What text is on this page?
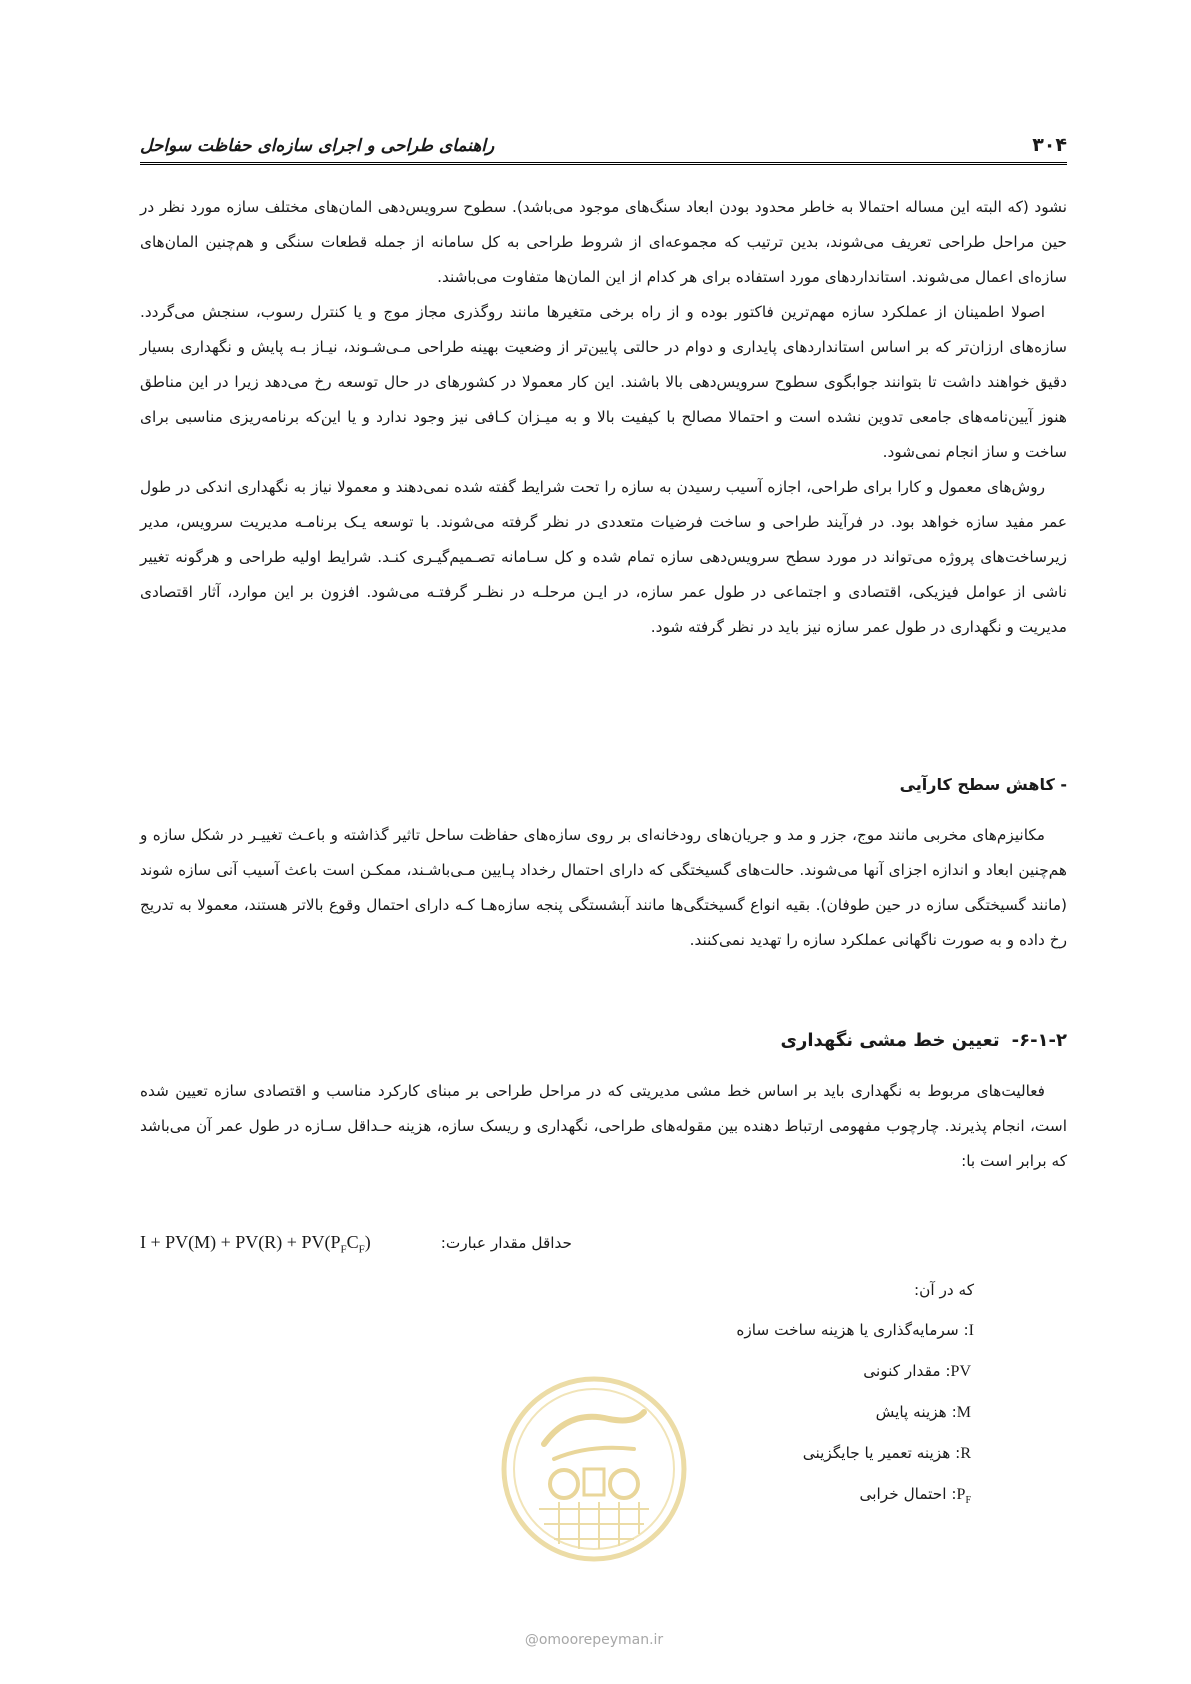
۳۰۴
راهنمای طراحی و اجرای سازه‌ای حفاظت سواحل

نشود (که البته این مساله احتمالا به خاطر محدود بودن ابعاد سنگ‌های موجود می‌باشد). سطوح سرویس‌دهی المان‌های مختلف سازه مورد نظر در حین مراحل طراحی تعریف می‌شوند، بدین ترتیب که مجموعه‌ای از شروط طراحی به کل سامانه از جمله قطعات سنگی و هم‌چنین المان‌های سازه‌ای اعمال می‌شوند. استانداردهای مورد استفاده برای هر کدام از این المان‌ها متفاوت می‌باشند.

اصولا اطمینان از عملکرد سازه مهم‌ترین فاکتور بوده و از راه برخی متغیرها مانند روگذری مجاز موج و یا کنترل رسوب، سنجش می‌گردد. سازه‌های ارزان‌تر که بر اساس استانداردهای پایداری و دوام در حالتی پایین‌تر از وضعیت بهینه طراحی مـی‌شـوند، نیـاز بـه پایش و نگهداری بسیار دقیق خواهند داشت تا بتوانند جوابگوی سطوح سرویس‌دهی بالا باشند. این کار معمولا در کشورهای در حال توسعه رخ می‌دهد زیرا در این مناطق هنوز آیین‌نامه‌های جامعی تدوین نشده است و احتمالا مصالح با کیفیت بالا و به میـزان کـافی نیز وجود ندارد و یا این‌که برنامه‌ریزی مناسبی برای ساخت و ساز انجام نمی‌شود.

روش‌های معمول و کارا برای طراحی، اجازه آسیب رسیدن به سازه را تحت شرایط گفته شده نمی‌دهند و معمولا نیاز به نگهداری اندکی در طول عمر مفید سازه خواهد بود. در فرآیند طراحی و ساخت فرضیات متعددی در نظر گرفته می‌شوند. با توسعه یـک برنامـه مدیریت سرویس، مدیر زیرساخت‌های پروژه می‌تواند در مورد سطح سرویس‌دهی سازه تمام شده و کل سـامانه تصـمیم‌گیـری کنـد. شرایط اولیه طراحی و هرگونه تغییر ناشی از عوامل فیزیکی، اقتصادی و اجتماعی در طول عمر سازه، در ایـن مرحلـه در نظـر گرفتـه می‌شود. افزون بر این موارد، آثار اقتصادی مدیریت و نگهداری در طول عمر سازه نیز باید در نظر گرفته شود.

- کاهش سطح کارآیی

مکانیزم‌های مخربی مانند موج، جزر و مد و جریان‌های رودخانه‌ای بر روی سازه‌های حفاظت ساحل تاثیر گذاشته و باعـث تغییـر در شکل سازه و هم‌چنین ابعاد و اندازه اجزای آنها می‌شوند. حالت‌های گسیختگی که دارای احتمال رخداد پـایین مـی‌باشـند، ممکـن است باعث آسیب آنی سازه شوند (مانند گسیختگی سازه در حین طوفان). بقیه انواع گسیختگی‌ها مانند آبشستگی پنجه سازه‌هـا کـه دارای احتمال وقوع بالاتر هستند، معمولا به تدریج رخ داده و به صورت ناگهانی عملکرد سازه را تهدید نمی‌کنند.

۶-۱-۲-تعیین خط مشی نگهداری

فعالیت‌های مربوط به نگهداری باید بر اساس خط مشی مدیریتی که در مراحل طراحی بر مبنای کارکرد مناسب و اقتصادی سازه تعیین شده است، انجام پذیرند. چارچوب مفهومی ارتباط دهنده بین مقوله‌های طراحی، نگهداری و ریسک سازه، هزینه حـداقل سـازه در طول عمر آن می‌باشد که برابر است با:

حداقل مقدار عبارت:
$I + PV(M) + PV(R) + PV(P_FC_F)$
که در آن:
I: سرمایه‌گذاری یا هزینه ساخت سازه
PV: مقدار کنونی
M: هزینه پایش
R: هزینه تعمیر یا جایگزینی
$P_F$: احتمال خرابی
@omoorepeyman.ir
